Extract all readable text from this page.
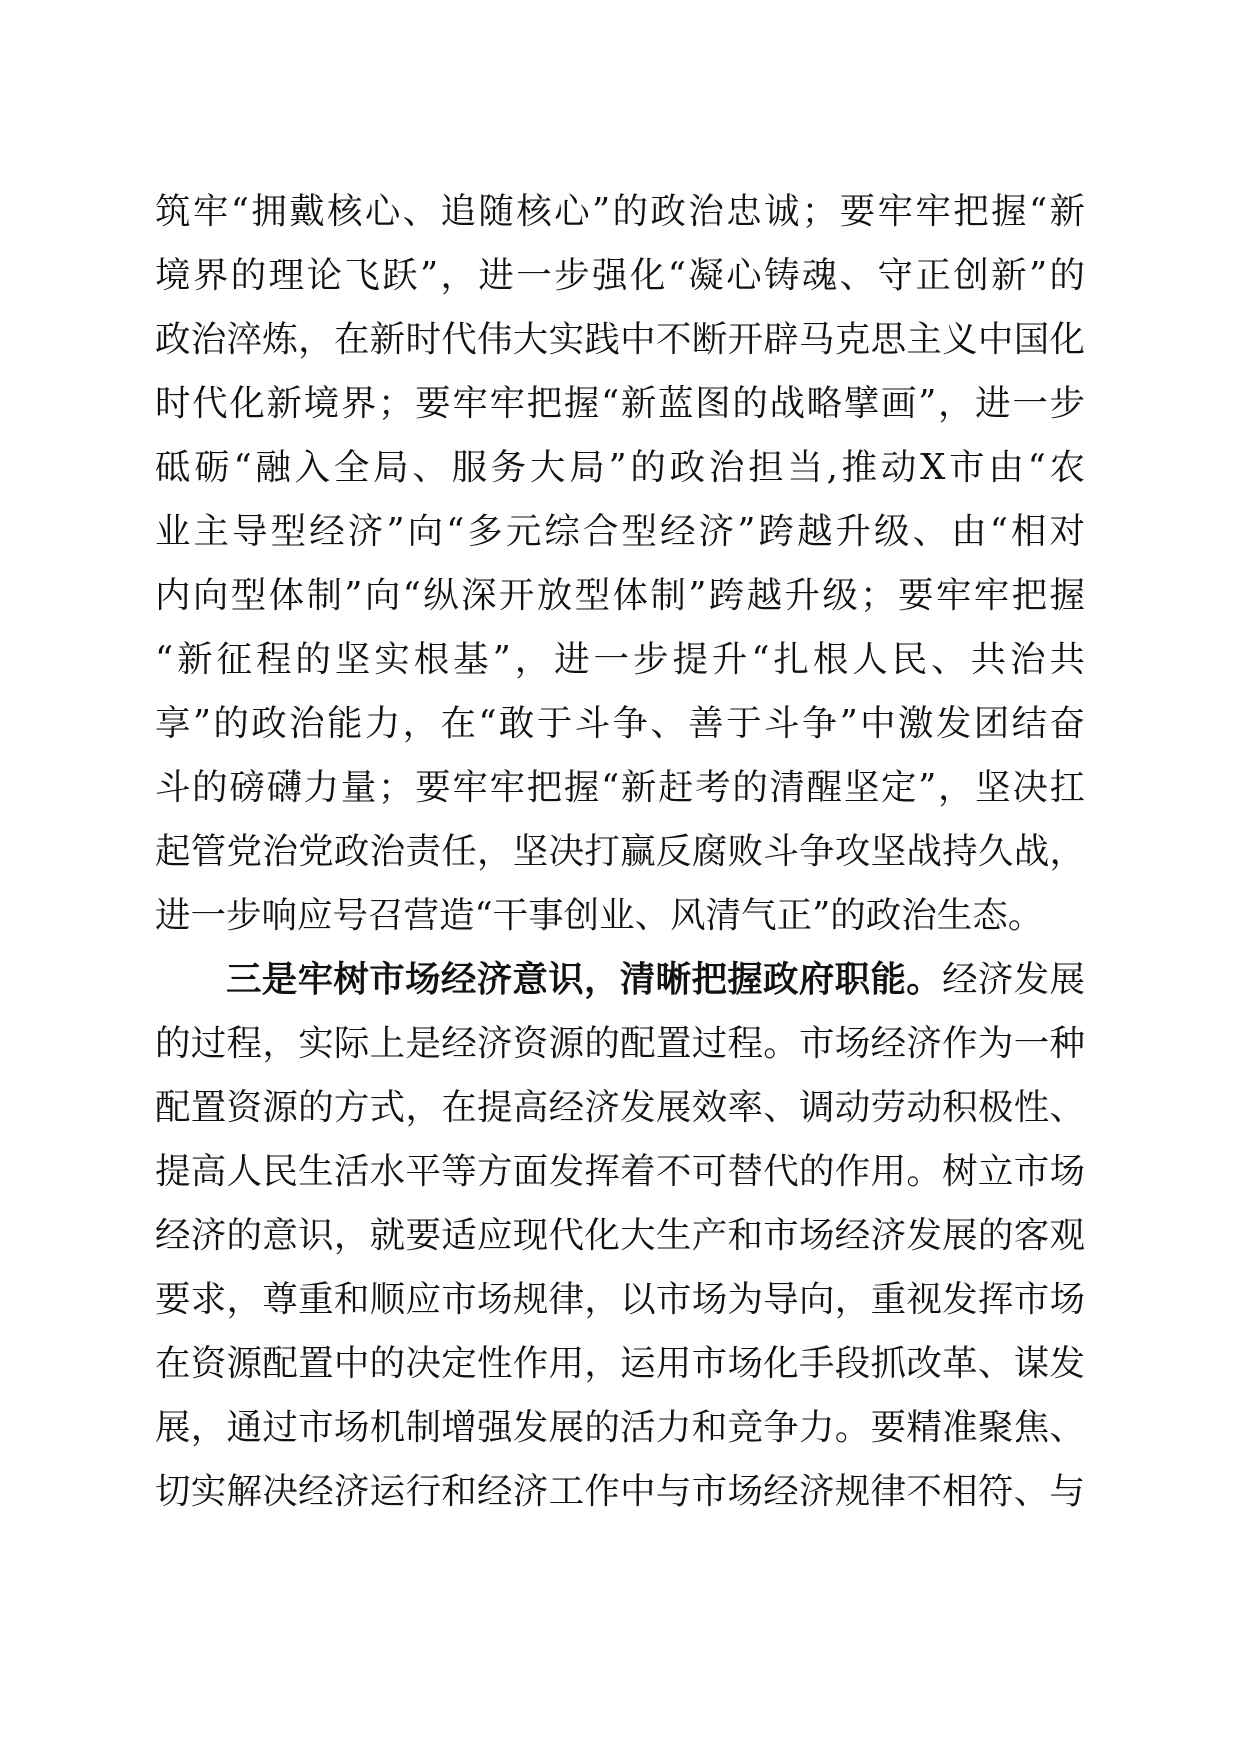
筑牢“拥戴核心、追随核心”的政治忠诚；要牢牢把握“新
境界的理论飞跃”，进一步强化“凝心铸魂、守正创新”的
政治淬炼，在新时代伟大实践中不断开辟马克思主义中国化
时代化新境界；要牢牢把握“新蓝图的战略擘画”，进一步
砥砺“融入全局、服务大局”的政治担当,推动X市由“农
业主导型经济”向“多元综合型经济”跨越升级、由“相对
内向型体制”向“纵深开放型体制”跨越升级；要牢牢把握
“新征程的坚实根基”，进一步提升“扎根人民、共治共
享”的政治能力，在“敢于斗争、善于斗争”中激发团结奋
斗的磅礴力量；要牢牢把握“新赶考的清醒坚定”，坚决扛
起管党治党政治责任，坚决打赢反腐败斗争攻坚战持久战，
进一步响应号召营造“干事创业、风清气正”的政治生态。

三是牢树市场经济意识，清晰把握政府职能。经济发展
的过程，实际上是经济资源的配置过程。市场经济作为一种
配置资源的方式，在提高经济发展效率、调动劳动积极性、
提高人民生活水平等方面发挥着不可替代的作用。树立市场
经济的意识，就要适应现代化大生产和市场经济发展的客观
要求，尊重和顺应市场规律，以市场为导向，重视发挥市场
在资源配置中的决定性作用，运用市场化手段抓改革、谋发
展，通过市场机制增强发展的活力和竞争力。要精准聚焦、
切实解决经济运行和经济工作中与市场经济规律不相符、与
